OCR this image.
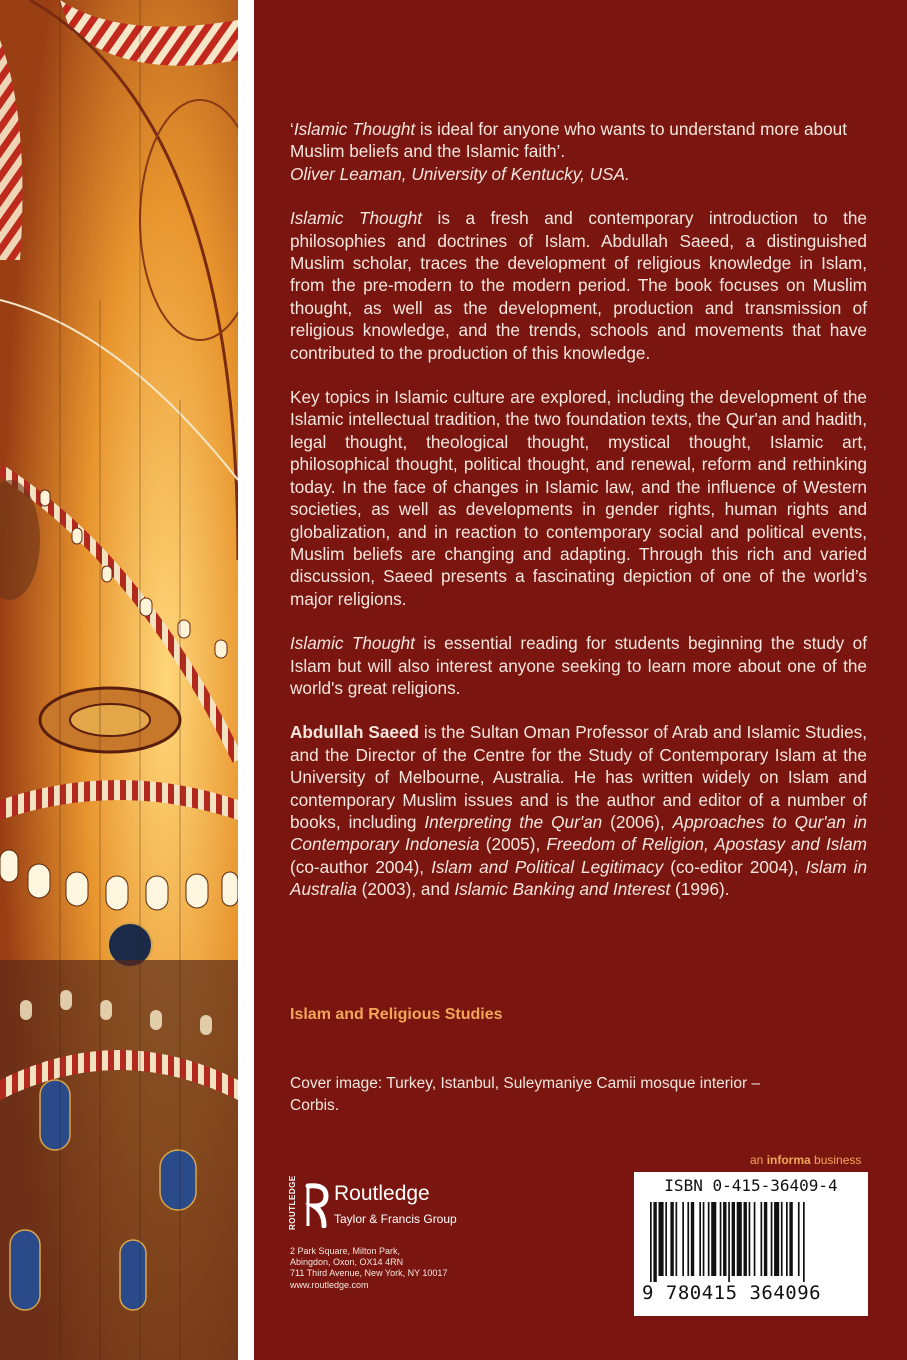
‘Islamic Thought is ideal for anyone who wants to understand more about Muslim beliefs and the Islamic faith’.
Oliver Leaman, University of Kentucky, USA.

Islamic Thought is a fresh and contemporary introduction to the philosophies and doctrines of Islam. Abdullah Saeed, a distinguished Muslim scholar, traces the development of religious knowledge in Islam, from the pre-modern to the modern period. The book focuses on Muslim thought, as well as the development, production and transmission of religious knowledge, and the trends, schools and movements that have contributed to the production of this knowledge.

Key topics in Islamic culture are explored, including the development of the Islamic intellectual tradition, the two foundation texts, the Qur'an and hadith, legal thought, theological thought, mystical thought, Islamic art, philosophical thought, political thought, and renewal, reform and rethinking today. In the face of changes in Islamic law, and the influence of Western societies, as well as developments in gender rights, human rights and globalization, and in reaction to contemporary social and political events, Muslim beliefs are changing and adapting. Through this rich and varied discussion, Saeed presents a fascinating depiction of one of the world’s major religions.

Islamic Thought is essential reading for students beginning the study of Islam but will also interest anyone seeking to learn more about one of the world's great religions.

Abdullah Saeed is the Sultan Oman Professor of Arab and Islamic Studies, and the Director of the Centre for the Study of Contemporary Islam at the University of Melbourne, Australia. He has written widely on Islam and contemporary Muslim issues and is the author and editor of a number of books, including Interpreting the Qur'an (2006), Approaches to Qur'an in Contemporary Indonesia (2005), Freedom of Religion, Apostasy and Islam (co-author 2004), Islam and Political Legitimacy (co-editor 2004), Islam in Australia (2003), and Islamic Banking and Interest (1996).

Islam and Religious Studies
Cover image: Turkey, Istanbul, Suleymaniye Camii mosque interior – Corbis.
an informa business
ROUTLEDGE Routledge
Taylor & Francis Group
2 Park Square, Milton Park,
Abingdon, Oxon, OX14 4RN
711 Third Avenue, New York, NY 10017
www.routledge.com
ISBN 0-415-36409-4
9 780415 364096
